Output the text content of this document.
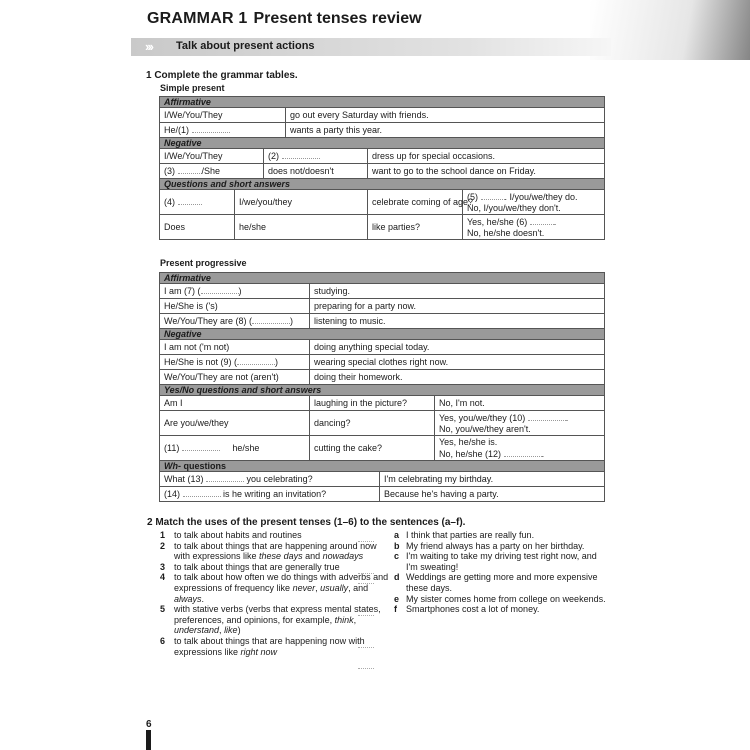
GRAMMAR 1 Present tenses review
››› Talk about present actions
1 Complete the grammar tables.
Simple present
Affirmative					
I/We/You/They			go out every Saturday with friends.		
He/(1)			wants a party this year.		
Negative					
I/We/You/They		(2)		dress up for special occasions.	
(3) /She		does not/doesn't		want to go to the school dance on Friday.	
Questions and short answers					
(4)	I/we/you/they			celebrate coming of age?	(5) . I/you/we/they do.
No, I/you/we/they don't.

Does	he/she			like parties?	Yes, he/she (6) .
No, he/she doesn't.
Present progressive
Affirmative			
I am (7) ( )	studying.		
He/She is ('s)	preparing for a party now.		
We/You/They are (8) ( )	listening to music.		
Negative			
I am not ('m not)	doing anything special today.		
He/She is not (9) ( )	wearing special clothes right now.		
We/You/They are not (aren't)	doing their homework.		
Yes/No questions and short answers			
Am I	laughing in the picture?		No, I'm not.
Are you/we/they	dancing?		Yes, you/we/they (10) .
No, you/we/they aren't.

(11) he/she	cutting the cake?		Yes, he/she is.
No, he/she (12) .

Wh- questions			
What (13) you celebrating?		I'm celebrating my birthday.	
(14) is he writing an invitation?		Because he's having a party.	
2 Match the uses of the present tenses (1–6) to the sentences (a–f).
1 to talk about habits and routines
2 to talk about things that are happening around now with expressions like these days and nowadays
3 to talk about things that are generally true
4 to talk about how often we do things with adverbs and expressions of frequency like never, usually, and always.
5 with stative verbs (verbs that express mental states, preferences, and opinions, for example, think, understand, like)
6 to talk about things that are happening now with expressions like right now
a I think that parties are really fun.
b My friend always has a party on her birthday.
c I'm waiting to take my driving test right now, and I'm sweating!
d Weddings are getting more and more expensive these days.
e My sister comes home from college on weekends.
f Smartphones cost a lot of money.
6
